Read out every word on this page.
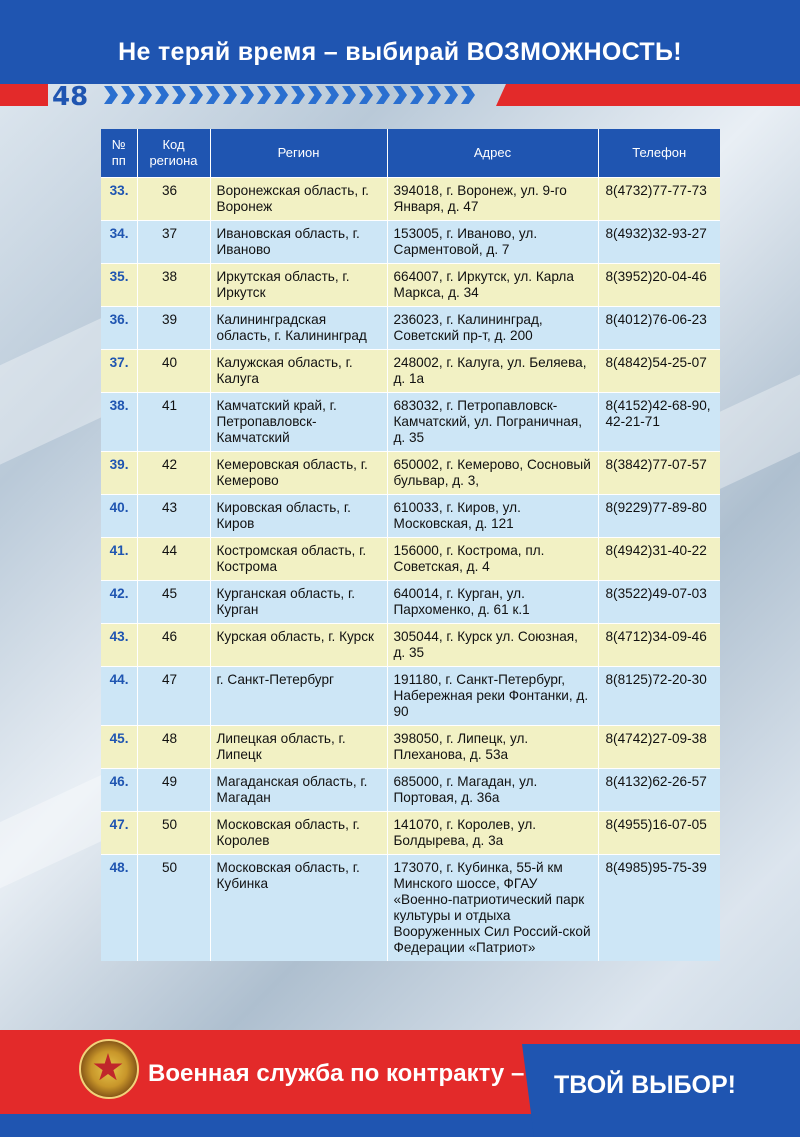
Не теряй время – выбирай ВОЗМОЖНОСТЬ!
48
№ пп	Код региона	Регион	Адрес	Телефон
33.	36	Воронежская область, г. Воронеж	394018, г. Воронеж, ул. 9-го Января, д. 47	8(4732)77-77-73
34.	37	Ивановская область, г. Иваново	153005, г. Иваново, ул. Сарментовой, д. 7	8(4932)32-93-27
35.	38	Иркутская область, г. Иркутск	664007, г. Иркутск, ул. Карла Маркса, д. 34	8(3952)20-04-46
36.	39	Калининградская область, г. Калининград	236023, г. Калининград, Советский пр-т, д. 200	8(4012)76-06-23
37.	40	Калужская область, г. Калуга	248002, г. Калуга, ул. Беляева, д. 1а	8(4842)54-25-07
38.	41	Камчатский край, г. Петропавловск-Камчатский	683032, г. Петропавловск-Камчатский, ул. Пограничная, д. 35	8(4152)42-68-90, 42-21-71
39.	42	Кемеровская область, г. Кемерово	650002, г. Кемерово, Сосновый бульвар, д. 3,	8(3842)77-07-57
40.	43	Кировская область, г. Киров	610033, г. Киров, ул. Московская, д. 121	8(9229)77-89-80
41.	44	Костромская область, г. Кострома	156000, г. Кострома, пл. Советская, д. 4	8(4942)31-40-22
42.	45	Курганская область, г. Курган	640014, г. Курган, ул. Пархоменко, д. 61 к.1	8(3522)49-07-03
43.	46	Курская область, г. Курск	305044, г. Курск ул. Союзная, д. 35	8(4712)34-09-46
44.	47	г. Санкт-Петербург	191180, г. Санкт-Петербург, Набережная реки Фонтанки, д. 90	8(8125)72-20-30
45.	48	Липецкая область, г. Липецк	398050, г. Липецк, ул. Плеханова, д. 53а	8(4742)27-09-38
46.	49	Магаданская область, г. Магадан	685000, г. Магадан, ул. Портовая, д. 36а	8(4132)62-26-57
47.	50	Московская область, г. Королев	141070, г. Королев, ул. Болдырева, д. 3а	8(4955)16-07-05
48.	50	Московская область, г. Кубинка	173070, г. Кубинка, 55-й км Минского шоссе, ФГАУ «Военно-патриотический парк культуры и отдыха Вооруженных Сил Россий-ской Федерации «Патриот»	8(4985)95-75-39
Военная служба по контракту – ТВОЙ ВЫБОР!
